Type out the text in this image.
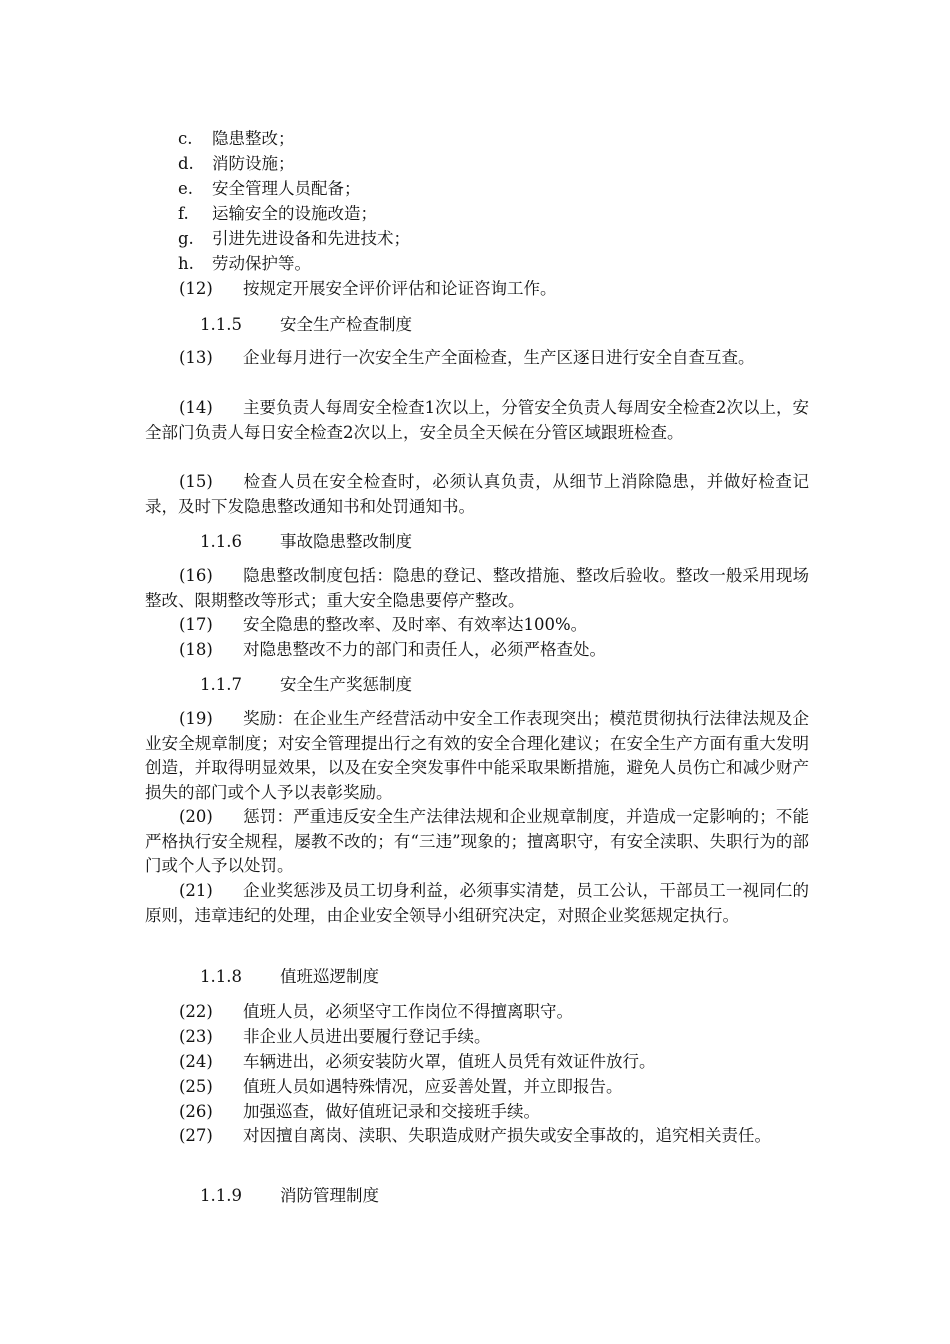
c. 隐患整改；
d. 消防设施；
e. 安全管理人员配备；
f. 运输安全的设施改造；
g. 引进先进设备和先进技术；
h. 劳动保护等。
(12) 按规定开展安全评价评估和论证咨询工作。
1.1.5 安全生产检查制度
(13) 企业每月进行一次安全生产全面检查，生产区逐日进行安全自查互查。
(14) 主要负责人每周安全检查1次以上，分管安全负责人每周安全检查2次以上，安全部门负责人每日安全检查2次以上，安全员全天候在分管区域跟班检查。
(15) 检查人员在安全检查时，必须认真负责，从细节上消除隐患，并做好检查记录，及时下发隐患整改通知书和处罚通知书。
1.1.6 事故隐患整改制度
(16) 隐患整改制度包括：隐患的登记、整改措施、整改后验收。整改一般采用现场整改、限期整改等形式；重大安全隐患要停产整改。
(17) 安全隐患的整改率、及时率、有效率达100%。
(18) 对隐患整改不力的部门和责任人，必须严格查处。
1.1.7 安全生产奖惩制度
(19) 奖励：在企业生产经营活动中安全工作表现突出；模范贯彻执行法律法规及企业安全规章制度；对安全管理提出行之有效的安全合理化建议；在安全生产方面有重大发明创造，并取得明显效果，以及在安全突发事件中能采取果断措施，避免人员伤亡和减少财产损失的部门或个人予以表彰奖励。
(20) 惩罚：严重违反安全生产法律法规和企业规章制度，并造成一定影响的；不能严格执行安全规程，屡教不改的；有“三违”现象的；擅离职守，有安全渎职、失职行为的部门或个人予以处罚。
(21) 企业奖惩涉及员工切身利益，必须事实清楚，员工公认，干部员工一视同仁的原则，违章违纪的处理，由企业安全领导小组研究决定，对照企业奖惩规定执行。
1.1.8 值班巡逻制度
(22) 值班人员，必须坚守工作岗位不得擅离职守。
(23) 非企业人员进出要履行登记手续。
(24) 车辆进出，必须安装防火罩，值班人员凭有效证件放行。
(25) 值班人员如遇特殊情况，应妥善处置，并立即报告。
(26) 加强巡查，做好值班记录和交接班手续。
(27) 对因擅自离岗、渎职、失职造成财产损失或安全事故的，追究相关责任。
1.1.9 消防管理制度
